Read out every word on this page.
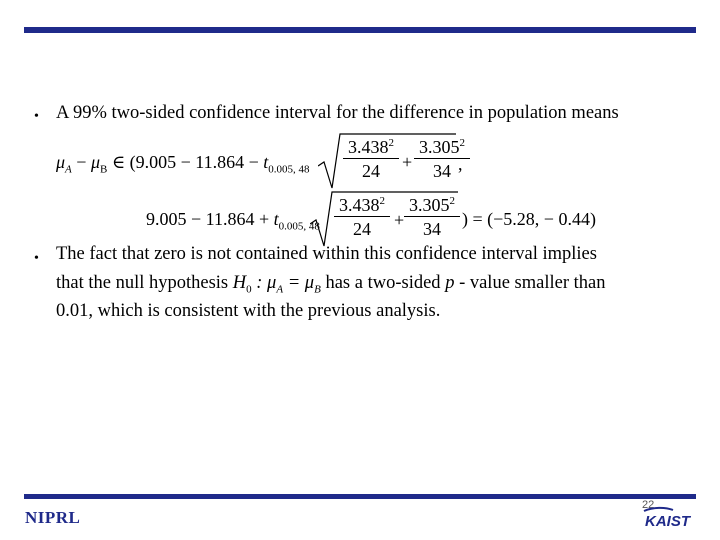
• A 99% two-sided confidence interval for the difference in population means
$\mu_A - \mu_B$ ∈ ($9.005 - 11.864 - t_{0.005, 48} \frac{3.438^2}{24} + \frac{3.305^2}{34}$
,
$9.005 - 11.864 + t_{0.005, 48} \frac{3.438^2}{24} + \frac{3.305^2}{34}$ ) = (−5.28, − 0.44)
• The fact that zero is not contained within this confidence interval implies
that the null hypothesis $H_0$ : $\mu_A = \mu_B$ has a two-sided p - value smaller than
0.01, which is consistent with the previous analysis.
NIPRL
22
KAIST
